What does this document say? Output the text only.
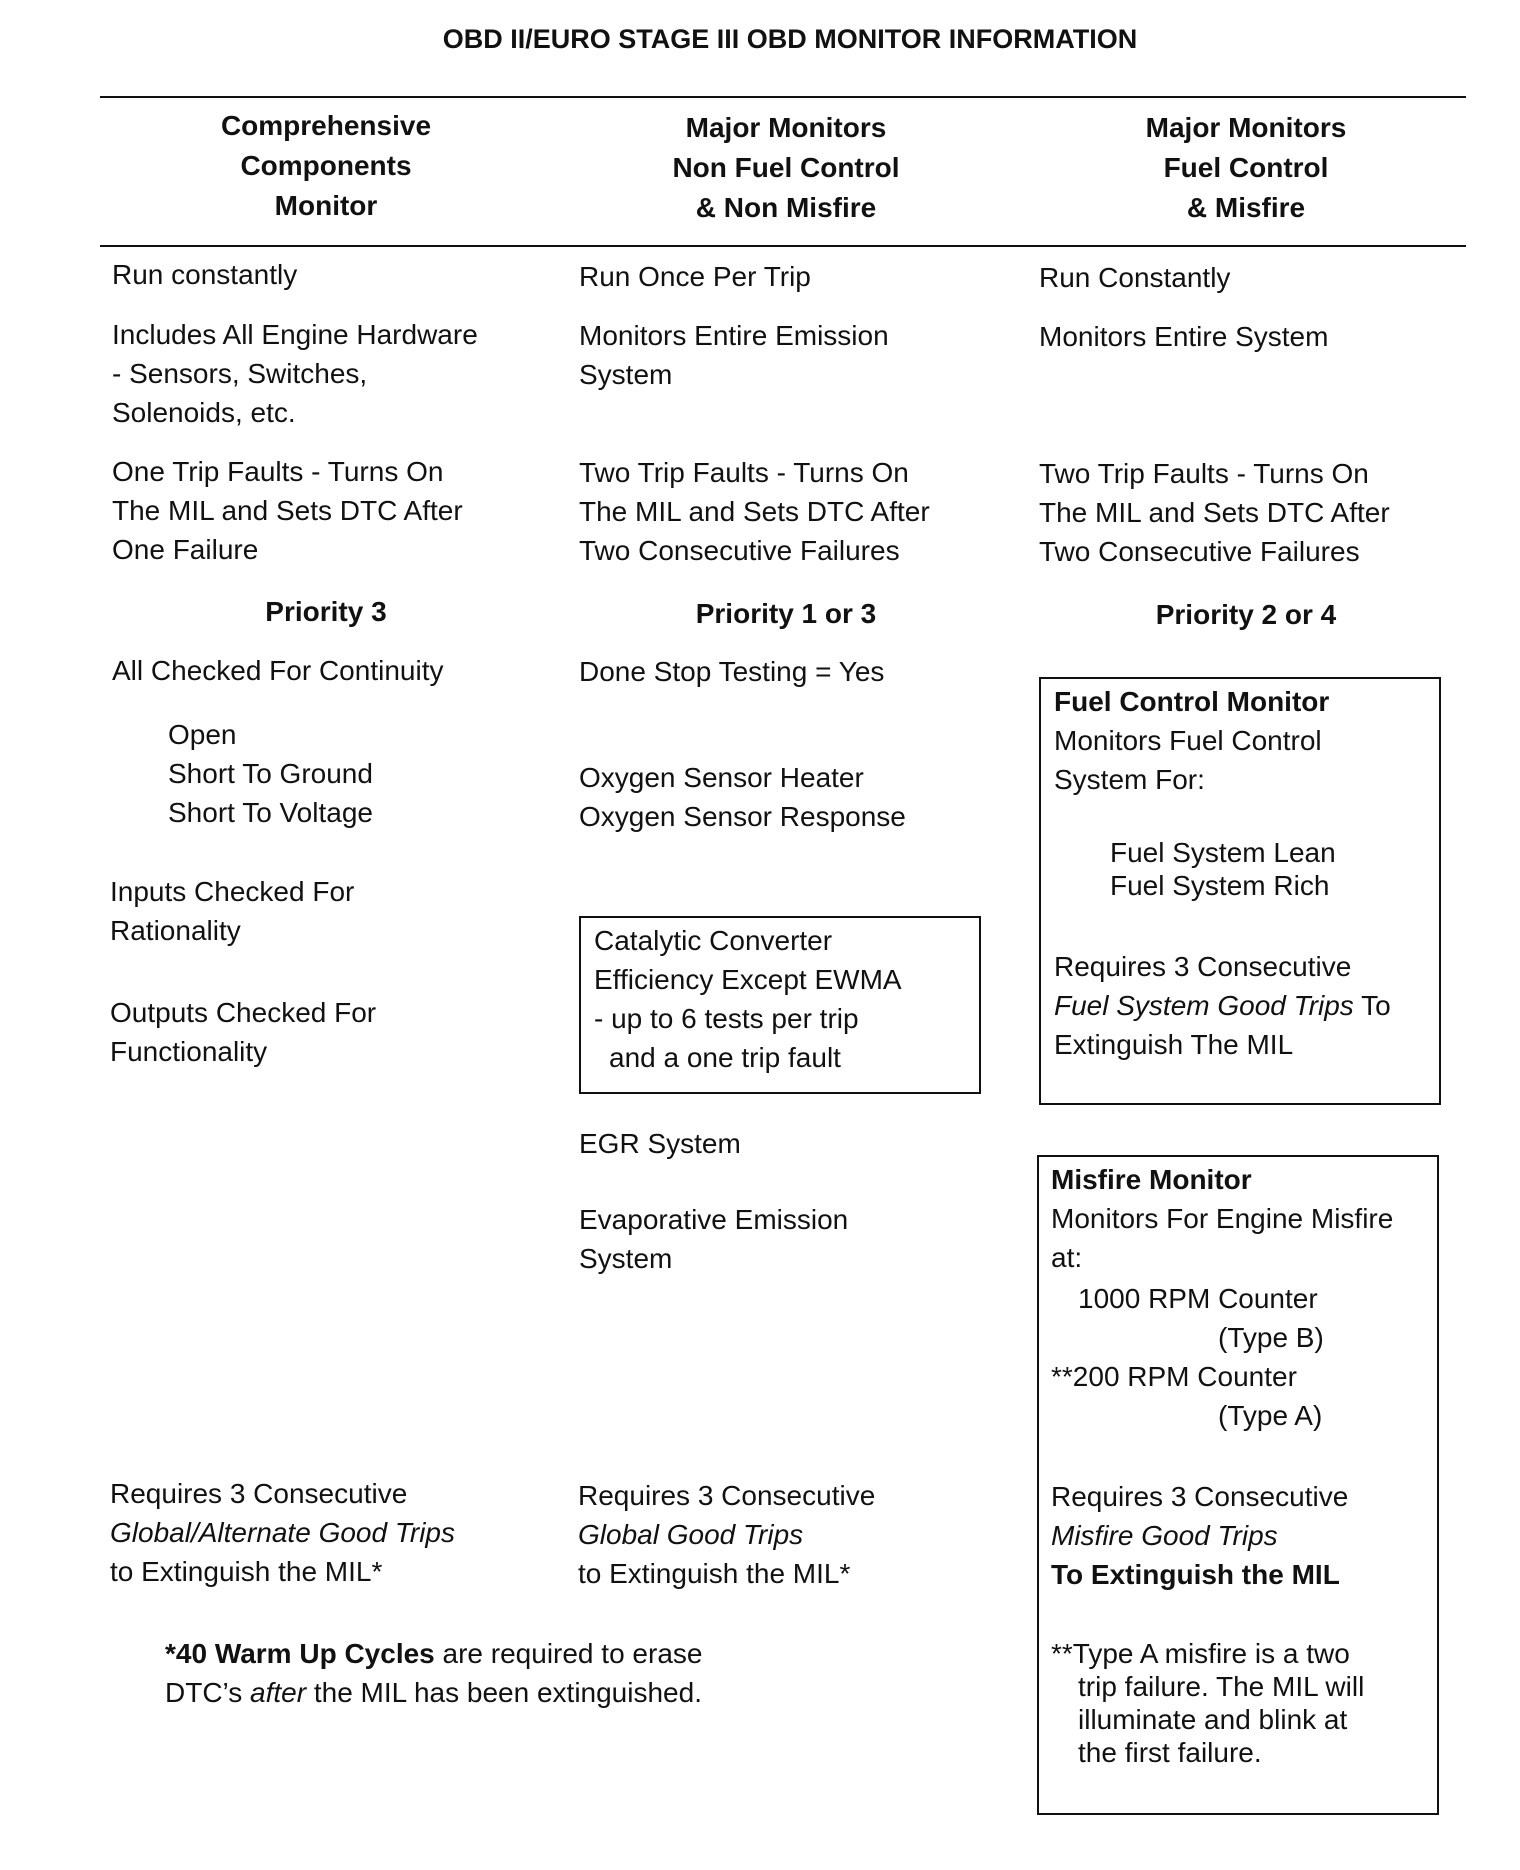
OBD II/EURO STAGE III OBD MONITOR INFORMATION
Comprehensive
Components
Monitor
Major Monitors
Non Fuel Control
& Non Misfire
Major Monitors
Fuel Control
& Misfire
Run constantly
Includes All Engine Hardware
- Sensors, Switches,
Solenoids, etc.
One Trip Faults - Turns On
The MIL and Sets DTC After
One Failure
Priority 3
All Checked For Continuity
Open
Short To Ground
Short To Voltage
Inputs Checked For
Rationality
Outputs Checked For
Functionality
Requires 3 Consecutive
Global/Alternate Good Trips
to Extinguish the MIL*
Run Once Per Trip
Monitors Entire Emission
System
Two Trip Faults - Turns On
The MIL and Sets DTC After
Two Consecutive Failures
Priority 1 or 3
Done Stop Testing = Yes
Oxygen Sensor Heater
Oxygen Sensor Response
Catalytic Converter
Efficiency Except EWMA
- up to 6 tests per trip
and a one trip fault
EGR System
Evaporative Emission
System
Requires 3 Consecutive
Global Good Trips
to Extinguish the MIL*
Run Constantly
Monitors Entire System
Two Trip Faults - Turns On
The MIL and Sets DTC After
Two Consecutive Failures
Priority 2 or 4
Fuel Control Monitor
Monitors Fuel Control
System For:
Fuel System Lean
Fuel System Rich
Requires 3 Consecutive
Fuel System Good Trips To
Extinguish The MIL
Misfire Monitor
Monitors For Engine Misfire
at:
1000 RPM Counter
(Type B)
**200 RPM Counter
(Type A)
Requires 3 Consecutive
Misfire Good Trips
To Extinguish the MIL
**Type A misfire is a two
trip failure. The MIL will
illuminate and blink at
the first failure.
*40 Warm Up Cycles are required to erase
DTC’s after the MIL has been extinguished.
